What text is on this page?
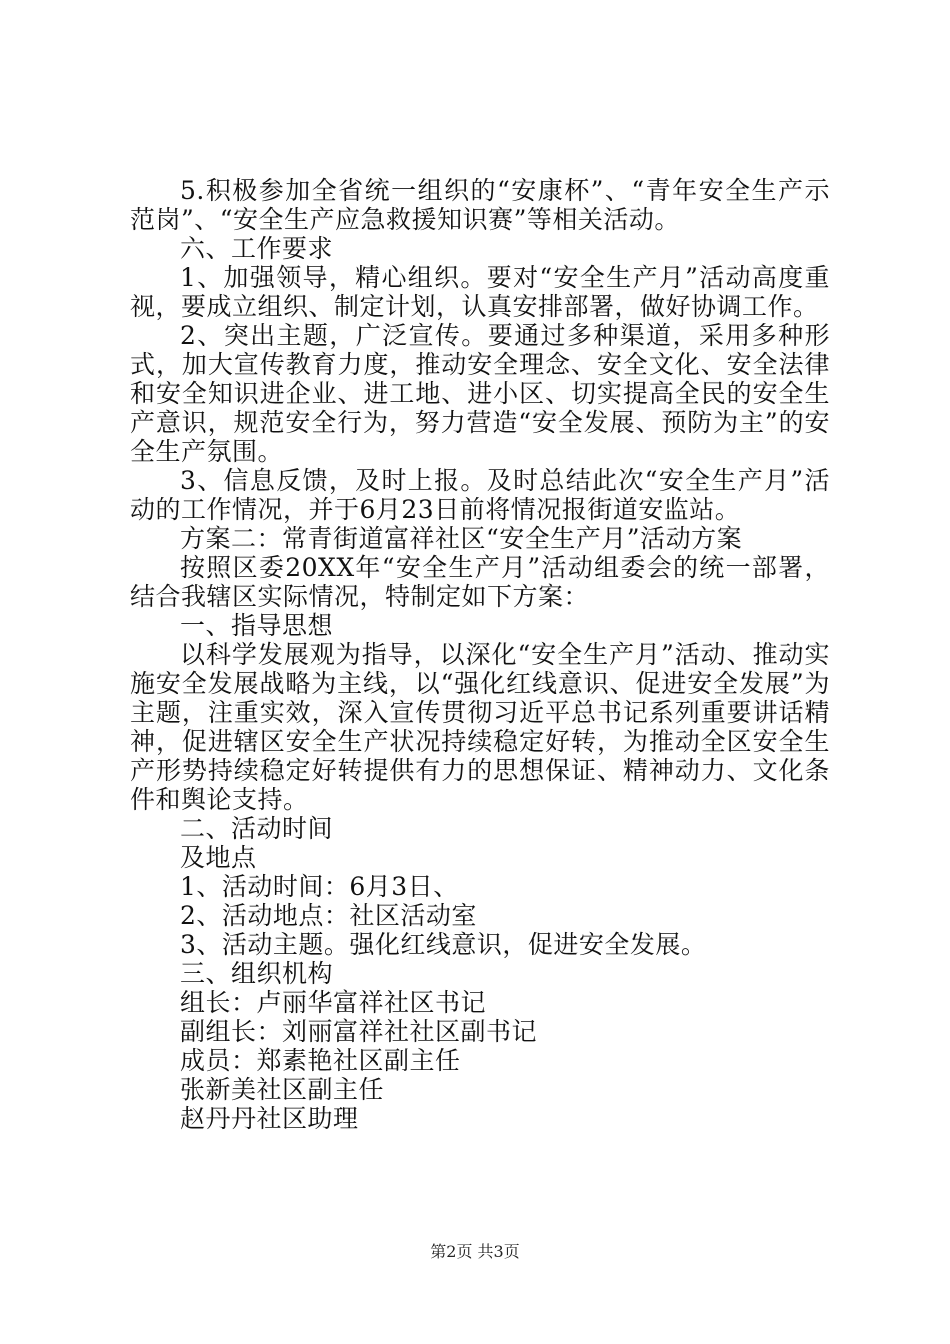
5.积极参加全省统一组织的“安康杯”、“青年安全生产示范岗”、“安全生产应急救援知识赛”等相关活动。

六、工作要求

1、加强领导，精心组织。要对“安全生产月”活动高度重视，要成立组织、制定计划，认真安排部署，做好协调工作。

2、突出主题，广泛宣传。要通过多种渠道，采用多种形式，加大宣传教育力度，推动安全理念、安全文化、安全法律和安全知识进企业、进工地、进小区、切实提高全民的安全生产意识，规范安全行为，努力营造“安全发展、预防为主”的安全生产氛围。

3、信息反馈，及时上报。及时总结此次“安全生产月”活动的工作情况，并于6月23日前将情况报街道安监站。

方案二：常青街道富祥社区“安全生产月”活动方案

按照区委20XX年“安全生产月”活动组委会的统一部署，结合我辖区实际情况，特制定如下方案：

一、指导思想

以科学发展观为指导，以深化“安全生产月”活动、推动实施安全发展战略为主线，以“强化红线意识、促进安全发展”为主题，注重实效，深入宣传贯彻习近平总书记系列重要讲话精神，促进辖区安全生产状况持续稳定好转，为推动全区安全生产形势持续稳定好转提供有力的思想保证、精神动力、文化条件和舆论支持。

二、活动时间

及地点

1、活动时间：6月3日、

2、活动地点：社区活动室

3、活动主题。强化红线意识，促进安全发展。

三、组织机构

组长：卢丽华富祥社区书记

副组长：刘丽富祥社社区副书记

成员：郑素艳社区副主任

张新美社区副主任

赵丹丹社区助理

第2页 共3页
